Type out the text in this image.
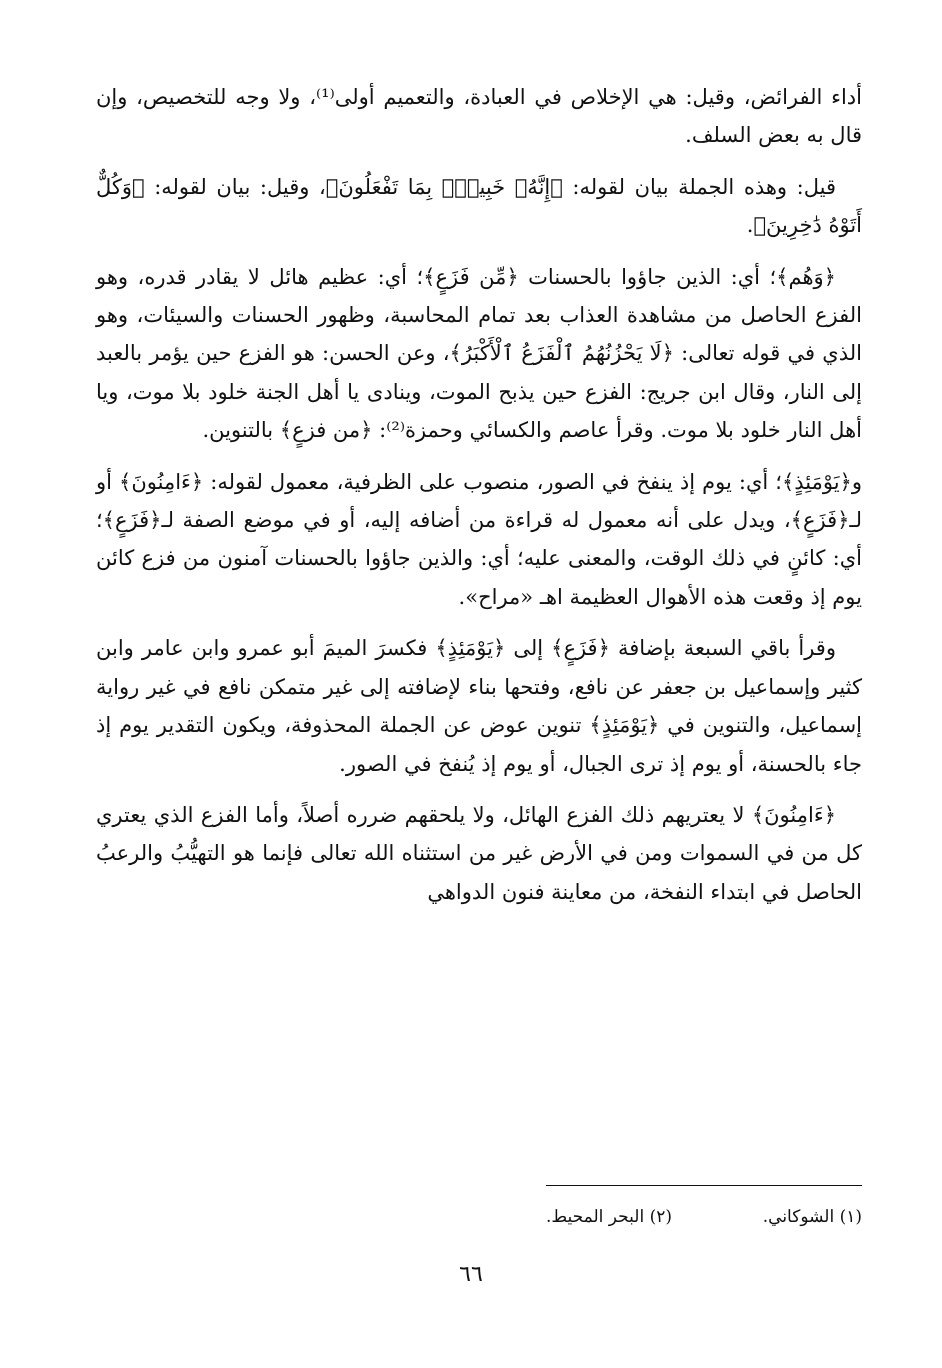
أداء الفرائض، وقيل: هي الإخلاص في العبادة، والتعميم أولى⁽¹⁾، ولا وجه للتخصيص، وإن قال به بعض السلف.

قيل: وهذه الجملة بيان لقوله: ﴿إِنَّهُۥ خَبِيرٌۢ بِمَا تَفْعَلُونَ﴾، وقيل: بيان لقوله: ﴿وَكُلٌّ أَتَوْهُ دَٰخِرِينَ﴾.

﴿وَهُم﴾؛ أي: الذين جاؤوا بالحسنات ﴿مِّن فَزَعٍ﴾؛ أي: عظيم هائل لا يقادر قدره، وهو الفزع الحاصل من مشاهدة العذاب بعد تمام المحاسبة، وظهور الحسنات والسيئات، وهو الذي في قوله تعالى: ﴿لَا يَحْزُنُهُمُ ٱلْفَزَعُ ٱلْأَكْبَرُ﴾، وعن الحسن: هو الفزع حين يؤمر بالعبد إلى النار، وقال ابن جريج: الفزع حين يذبح الموت، وينادى يا أهل الجنة خلود بلا موت، ويا أهل النار خلود بلا موت. وقرأ عاصم والكسائي وحمزة⁽²⁾: ﴿من فزعٍ﴾ بالتنوين.

و﴿يَوْمَئِذٍ﴾؛ أي: يوم إذ ينفخ في الصور، منصوب على الظرفية، معمول لقوله: ﴿ءَامِنُونَ﴾ أو لـ﴿فَزَعٍ﴾، ويدل على أنه معمول له قراءة من أضافه إليه، أو في موضع الصفة لـ﴿فَزَعٍ﴾؛ أي: كائنٍ في ذلك الوقت، والمعنى عليه؛ أي: والذين جاؤوا بالحسنات آمنون من فزع كائن يوم إذ وقعت هذه الأهوال العظيمة اهـ «مراح».

وقرأ باقي السبعة بإضافة ﴿فَزَعٍ﴾ إلى ﴿يَوْمَئِذٍ﴾ فكسرَ الميمَ أبو عمرو وابن عامر وابن كثير وإسماعيل بن جعفر عن نافع، وفتحها بناء لإضافته إلى غير متمكن نافع في غير رواية إسماعيل، والتنوين في ﴿يَوْمَئِذٍ﴾ تنوين عوض عن الجملة المحذوفة، ويكون التقدير يوم إذ جاء بالحسنة، أو يوم إذ ترى الجبال، أو يوم إذ يُنفخ في الصور.

﴿ءَامِنُونَ﴾ لا يعتريهم ذلك الفزع الهائل، ولا يلحقهم ضرره أصلاً، وأما الفزع الذي يعتري كل من في السموات ومن في الأرض غير من استثناه الله تعالى فإنما هو التهيُّبُ والرعبُ الحاصل في ابتداء النفخة، من معاينة فنون الدواهي

(١) الشوكاني.
(٢) البحر المحيط.
٦٦
